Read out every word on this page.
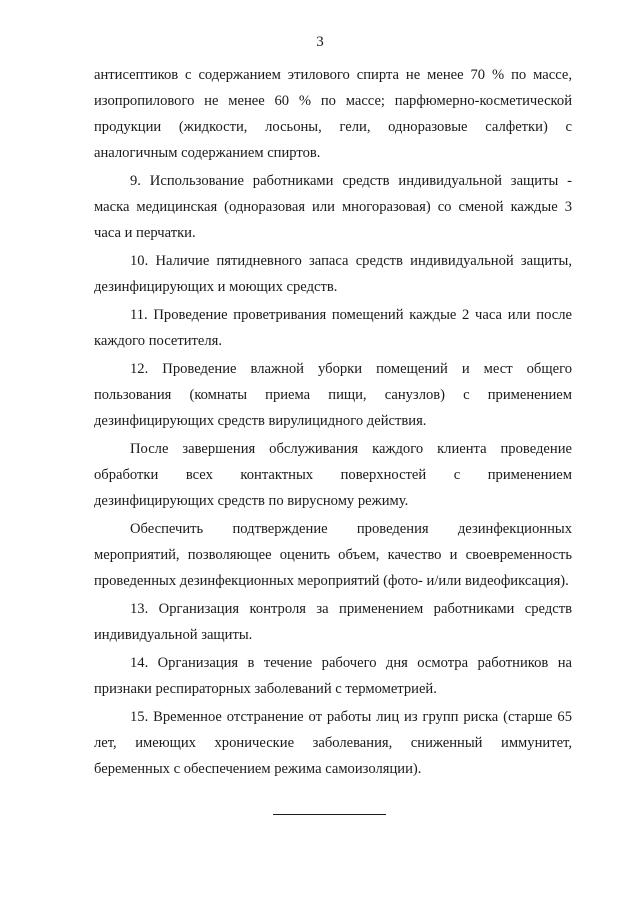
3

антисептиков с содержанием этилового спирта не менее 70 % по массе, изопропилового не менее 60 % по массе; парфюмерно-косметической продукции (жидкости, лосьоны, гели, одноразовые салфетки) с аналогичным содержанием спиртов.

9. Использование работниками средств индивидуальной защиты - маска медицинская (одноразовая или многоразовая) со сменой каждые 3 часа и перчатки.

10. Наличие пятидневного запаса средств индивидуальной защиты, дезинфицирующих и моющих средств.

11. Проведение проветривания помещений каждые 2 часа или после каждого посетителя.

12. Проведение влажной уборки помещений и мест общего пользования (комнаты приема пищи, санузлов) с применением дезинфицирующих средств вирулицидного действия.

После завершения обслуживания каждого клиента проведение обработки всех контактных поверхностей с применением дезинфицирующих средств по вирусному режиму.

Обеспечить подтверждение проведения дезинфекционных мероприятий, позволяющее оценить объем, качество и своевременность проведенных дезинфекционных мероприятий (фото- и/или видеофиксация).

13. Организация контроля за применением работниками средств индивидуальной защиты.

14. Организация в течение рабочего дня осмотра работников на признаки респираторных заболеваний с термометрией.

15. Временное отстранение от работы лиц из групп риска (старше 65 лет, имеющих хронические заболевания, сниженный иммунитет, беременных с обеспечением режима самоизоляции).
